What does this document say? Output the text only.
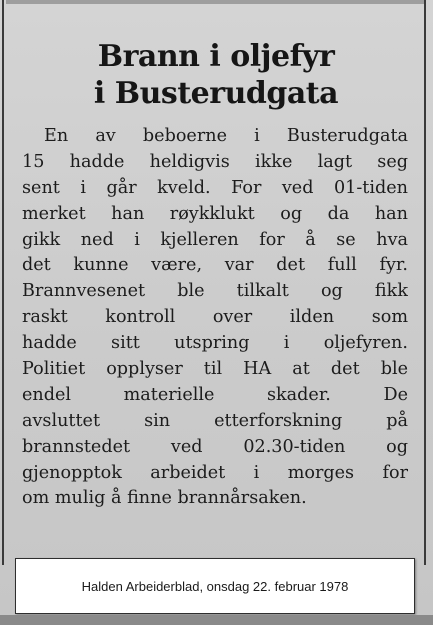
Brann i oljefyr
i Busterudgata
En av beboerne i Busterudgata
15 hadde heldigvis ikke lagt seg
sent i går kveld. For ved 01-tiden
merket han røykklukt og da han
gikk ned i kjelleren for å se hva
det kunne være, var det full fyr.
Brannvesenet ble tilkalt og fikk
raskt kontroll over ilden som
hadde sitt utspring i oljefyren.
Politiet opplyser til HA at det ble
endel materielle skader. De
avsluttet sin etterforskning på
brannstedet ved 02.30-tiden og
gjenopptok arbeidet i morges for
om mulig å finne brannårsaken.
Halden Arbeiderblad, onsdag 22. februar 1978
